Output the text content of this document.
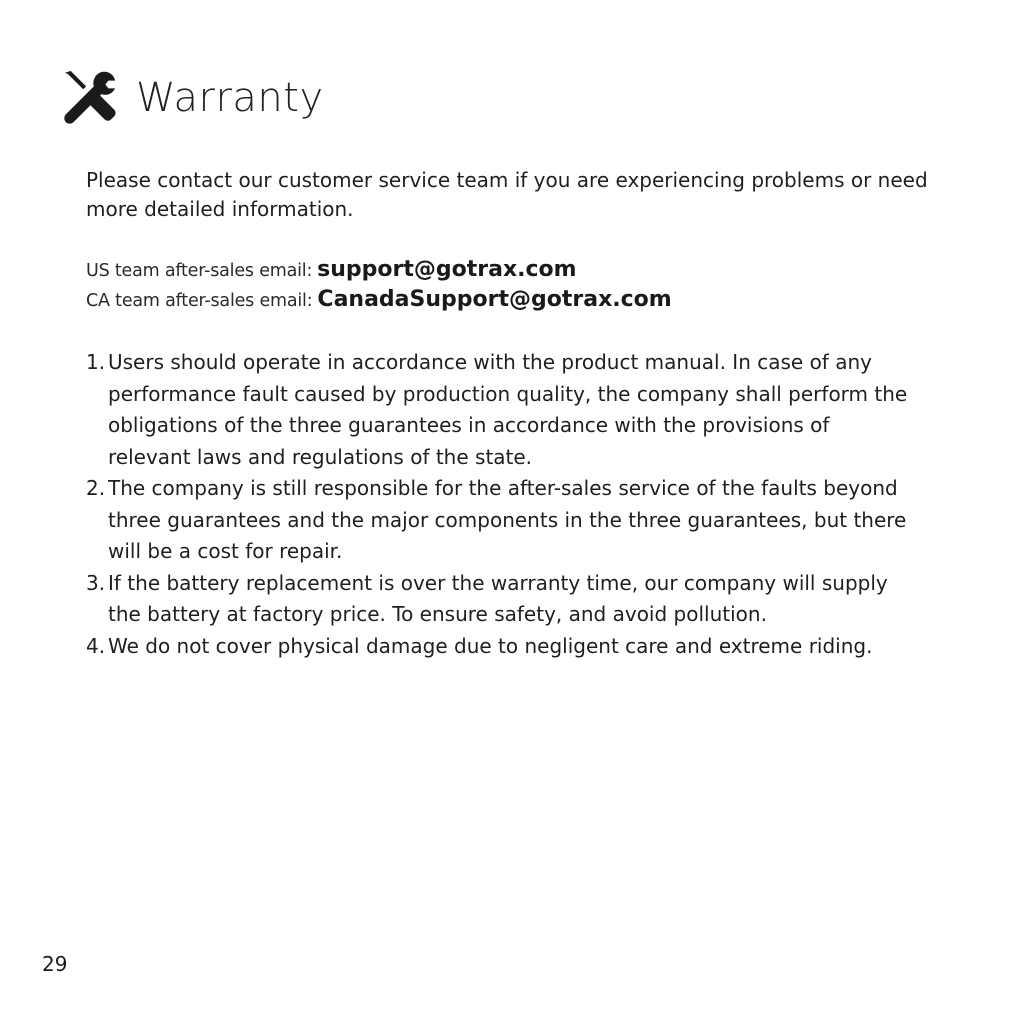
Warranty

Please contact our customer service team if you are experiencing problems or need more detailed information.

US team after-sales email: support@gotrax.com
CA team after-sales email: CanadaSupport@gotrax.com
1. Users should operate in accordance with the product manual. In case of any performance fault caused by production quality, the company shall perform the obligations of the three guarantees in accordance with the provisions of relevant laws and regulations of the state.
2. The company is still responsible for the after-sales service of the faults beyond three guarantees and the major components in the three guarantees, but there will be a cost for repair.
3. If the battery replacement is over the warranty time, our company will supply the battery at factory price. To ensure safety, and avoid pollution.
4. We do not cover physical damage due to negligent care and extreme riding.
29
